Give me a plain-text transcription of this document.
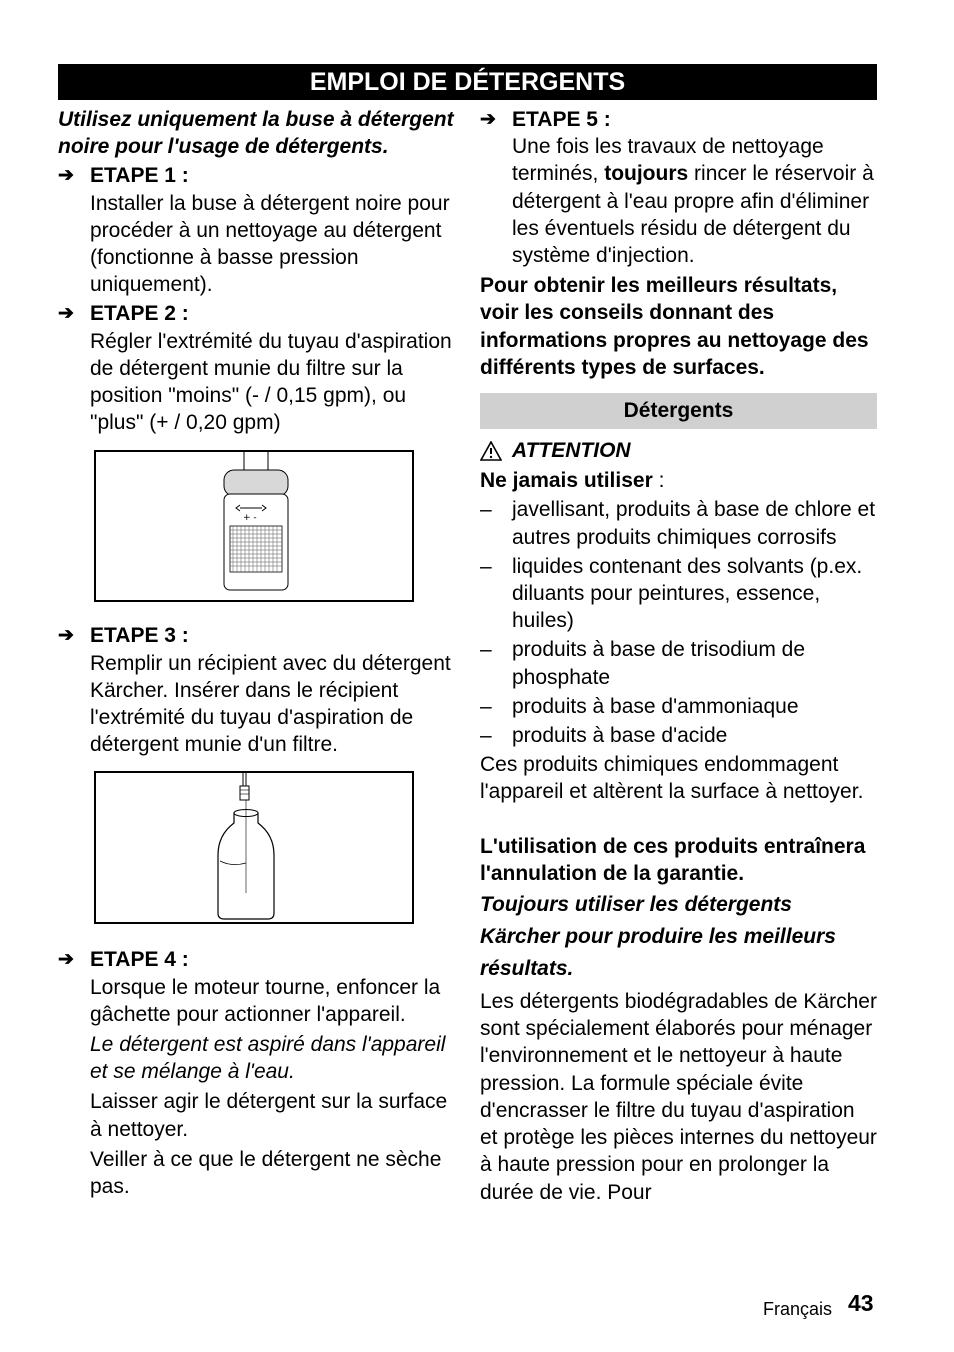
EMPLOI DE DÉTERGENTS

Utilisez uniquement la buse à détergent noire pour l'usage de détergents.

➔ ETAPE 1 :

Installer la buse à détergent noire pour procéder à un nettoyage au détergent (fonctionne à basse pression uniquement).

➔ ETAPE 2 :

Régler l'extrémité du tuyau d'aspiration de détergent munie du filtre sur la position "moins" (- / 0,15 gpm), ou "plus" (+ / 0,20 gpm)

+ -
➔ ETAPE 3 :

Remplir un récipient avec du détergent Kärcher. Insérer dans le récipient l'extrémité du tuyau d'aspiration de détergent munie d'un filtre.

➔ ETAPE 4 :

Lorsque le moteur tourne, enfoncer la gâchette pour actionner l'appareil.

Le détergent est aspiré dans l'appareil et se mélange à l'eau.

Laisser agir le détergent sur la surface à nettoyer.

Veiller à ce que le détergent ne sèche pas.

➔ ETAPE 5 :

Une fois les travaux de nettoyage terminés, toujours rincer le réservoir à détergent à l'eau propre afin d'éliminer les éventuels résidu de détergent du système d'injection.

Pour obtenir les meilleurs résultats, voir les conseils donnant des informations propres au nettoyage des différents types de surfaces.

Détergents
ATTENTION

Ne jamais utiliser :

– javellisant, produits à base de chlore et autres produits chimiques corrosifs
– liquides contenant des solvants (p.ex. diluants pour peintures, essence, huiles)
– produits à base de trisodium de phosphate
– produits à base d'ammoniaque
– produits à base d'acide

Ces produits chimiques endommagent l'appareil et altèrent la surface à nettoyer.

L'utilisation de ces produits entraînera l'annulation de la garantie.

Toujours utiliser les détergents Kärcher pour produire les meilleurs résultats.

Les détergents biodégradables de Kärcher sont spécialement élaborés pour ménager l'environnement et le nettoyeur à haute pression. La formule spéciale évite d'encrasser le filtre du tuyau d'aspiration et protège les pièces internes du nettoyeur à haute pression pour en prolonger la durée de vie. Pour

Français 43
